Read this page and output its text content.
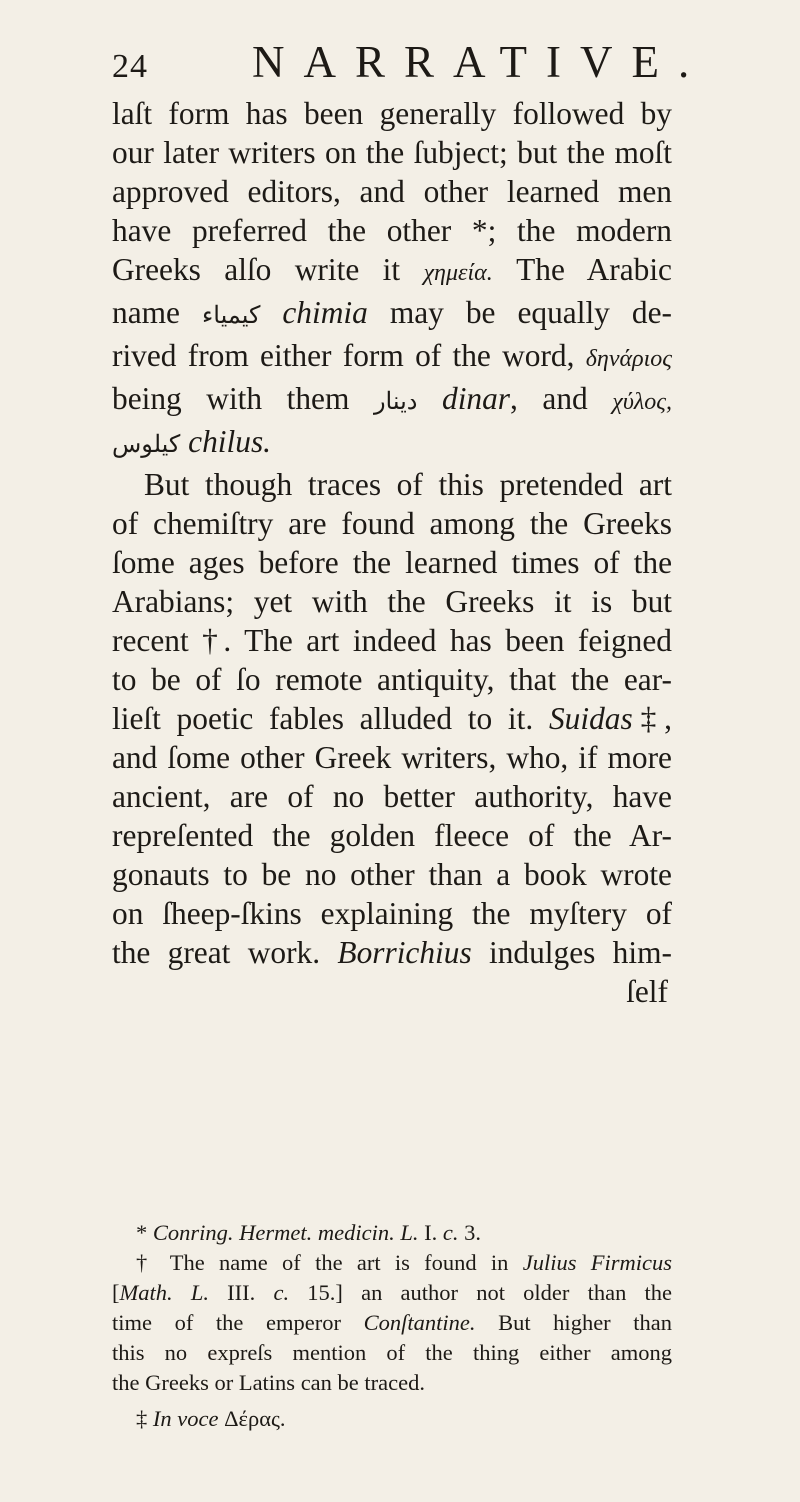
24 NARRATIVE.
laſt form has been generally followed by
our later writers on the ſubject; but the moſt
approved editors, and other learned men
have preferred the other *; the modern
Greeks alſo write it χημεία. The Arabic
name كيمياء chimia may be equally de-
rived from either form of the word, δηνάριος
being with them دينار dinar, and χύλος,
كيلوس chilus.
But though traces of this pretended art
of chemiſtry are found among the Greeks
ſome ages before the learned times of the
Arabians; yet with the Greeks it is but
recent †. The art indeed has been feigned
to be of ſo remote antiquity, that the ear-
lieſt poetic fables alluded to it. Suidas‡,
and ſome other Greek writers, who, if more
ancient, are of no better authority, have
repreſented the golden fleece of the Ar-
gonauts to be no other than a book wrote
on ſheep-ſkins explaining the myſtery of
the great work. Borrichius indulges him-
ſelf
* Conring. Hermet. medicin. L. I. c. 3.
† The name of the art is found in Julius Firmicus
[Math. L. III. c. 15.] an author not older than the
time of the emperor Conſtantine. But higher than
this no expreſs mention of the thing either among
the Greeks or Latins can be traced.
‡ In voce Δέρας.
